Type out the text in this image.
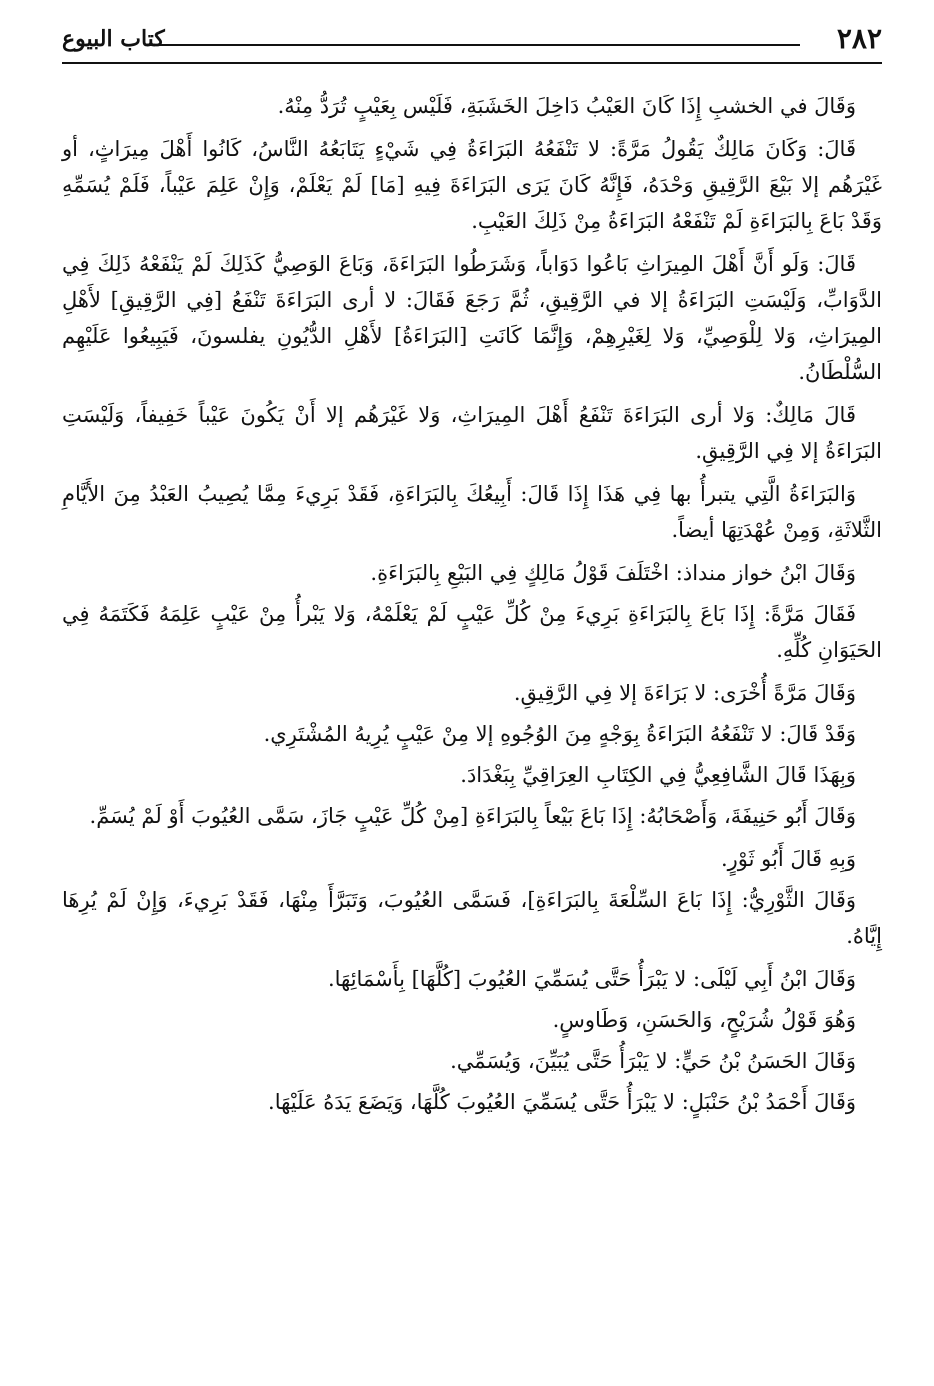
٢٨٢
كتاب البيوع

وَقَالَ في الخشبِ إِذَا كَانَ العَيْبُ دَاخِلَ الخَشَبَةِ، فَلَيْس بِعَيْبٍ تُرَدُّ مِنْهُ.

قَالَ: وَكَانَ مَالِكٌ يَقُولُ مَرَّةً: لا تَنْفَعُهُ البَرَاءَةُ فِي شَيْءٍ يَتَابَعُهُ النَّاسُ، كَانُوا أَهْلَ مِيرَاثٍ، أو غَيْرَهُم إلا بَيْعَ الرَّقِيقِ وَحْدَهُ، فَإِنَّهُ كَانَ يَرَى البَرَاءَةَ فِيهِ [مَا] لَمْ يَعْلَمْ، وَإِنْ عَلِمَ عَيْباً، فَلَمْ يُسَمِّهِ وَقَدْ بَاعَ بِالبَرَاءَةِ لَمْ تَنْفَعْهُ البَرَاءَةُ مِنْ ذَلِكَ العَيْبِ.

قَالَ: وَلَو أَنَّ أَهْلَ المِيرَاثِ بَاعُوا دَوَاباً، وَشَرَطُوا البَرَاءَةَ، وَبَاعَ الوَصِيُّ كَذَلِكَ لَمْ يَنْفَعْهُ ذَلِكَ فِي الدَّوَابِّ، وَلَيْسَتِ البَرَاءَةُ إلا في الرَّقِيقِ، ثُمَّ رَجَعَ فَقَالَ: لا أرى البَرَاءَةَ تَنْفَعُ [فِي الرَّقِيقِ] لأَهْلِ المِيرَاثِ، وَلا لِلْوَصِيِّ، وَلا لِغَيْرِهِمْ، وَإِنَّمَا كَانَتِ [البَرَاءَةُ] لأَهْلِ الدُّيُونِ يفلسونَ، فَيَبِيعُوا عَلَيْهِم السُّلْطَانُ.

قَالَ مَالِكٌ: وَلا أرى البَرَاءَةَ تَنْفَعُ أَهْلَ المِيرَاثِ، وَلا غَيْرَهُم إلا أَنْ يَكُونَ عَيْباً خَفِيفاً، وَلَيْسَتِ البَرَاءَةُ إلا فِي الرَّقِيقِ.

وَالبَرَاءَةُ الَّتِي يتبرأُ بها فِي هَذَا إِذَا قَالَ: أَبِيعُكَ بِالبَرَاءَةِ، فَقَدْ بَرِيءَ مِمَّا يُصِيبُ العَبْدُ مِنَ الأَيَّامِ الثَّلاثَةِ، وَمِنْ عُهْدَتِهَا أيضاً.

وَقَالَ ابْنُ خواز منداذ: اخْتَلَفَ قَوْلُ مَالِكٍ فِي البَيْعِ بِالبَرَاءَةِ.

فَقَالَ مَرَّةً: إِذَا بَاعَ بِالبَرَاءَةِ بَرِيءَ مِنْ كُلِّ عَيْبٍ لَمْ يَعْلَمْهُ، وَلا يَبْرأُ مِنْ عَيْبٍ عَلِمَهُ فَكَتَمَهُ فِي الحَيَوَانِ كُلِّهِ.

وَقَالَ مَرَّةً أُخْرَى: لا بَرَاءَةَ إلا فِي الرَّقِيقِ.

وَقَدْ قَالَ: لا تَنْفَعُهُ البَرَاءَةُ بِوَجْهٍ مِنَ الوُجُوهِ إلا مِنْ عَيْبٍ يُرِيهُ المُشْتَرِي.

وَبِهَذَا قَالَ الشَّافِعِيُّ فِي الكِتَابِ العِرَاقِيِّ بِبَغْدَادَ.

وَقَالَ أَبُو حَنِيفَةَ، وَأَصْحَابُهُ: إِذَا بَاعَ بَيْعاً بِالبَرَاءَةِ [مِنْ كُلِّ عَيْبٍ جَازَ، سَمَّى العُيُوبَ أَوْ لَمْ يُسَمِّ.

وَبِهِ قَالَ أَبُو ثَوْرٍ.

وَقَالَ الثَّوْرِيُّ: إِذَا بَاعَ السِّلْعَةَ بِالبَرَاءَةِ]، فَسَمَّى العُيُوبَ، وَتَبَرَّأَ مِنْهَا، فَقَدْ بَرِيءَ، وَإِنْ لَمْ يُرِهَا إِيَّاهُ.

وَقَالَ ابْنُ أَبِي لَيْلَى: لا يَبْرَأُ حَتَّى يُسَمِّيَ العُيُوبَ [كُلَّهَا] بِأَسْمَائِهَا.

وَهُوَ قَوْلُ شُرَيْحٍ، وَالحَسَنِ، وَطَاوسٍ.

وَقَالَ الحَسَنُ بْنُ حَيٍّ: لا يَبْرَأُ حَتَّى يُبَيِّنَ، وَيُسَمِّي.

وَقَالَ أَحْمَدُ بْنُ حَنْبَلٍ: لا يَبْرَأُ حَتَّى يُسَمِّيَ العُيُوبَ كُلَّهَا، وَيَضَعَ يَدَهُ عَلَيْهَا.
